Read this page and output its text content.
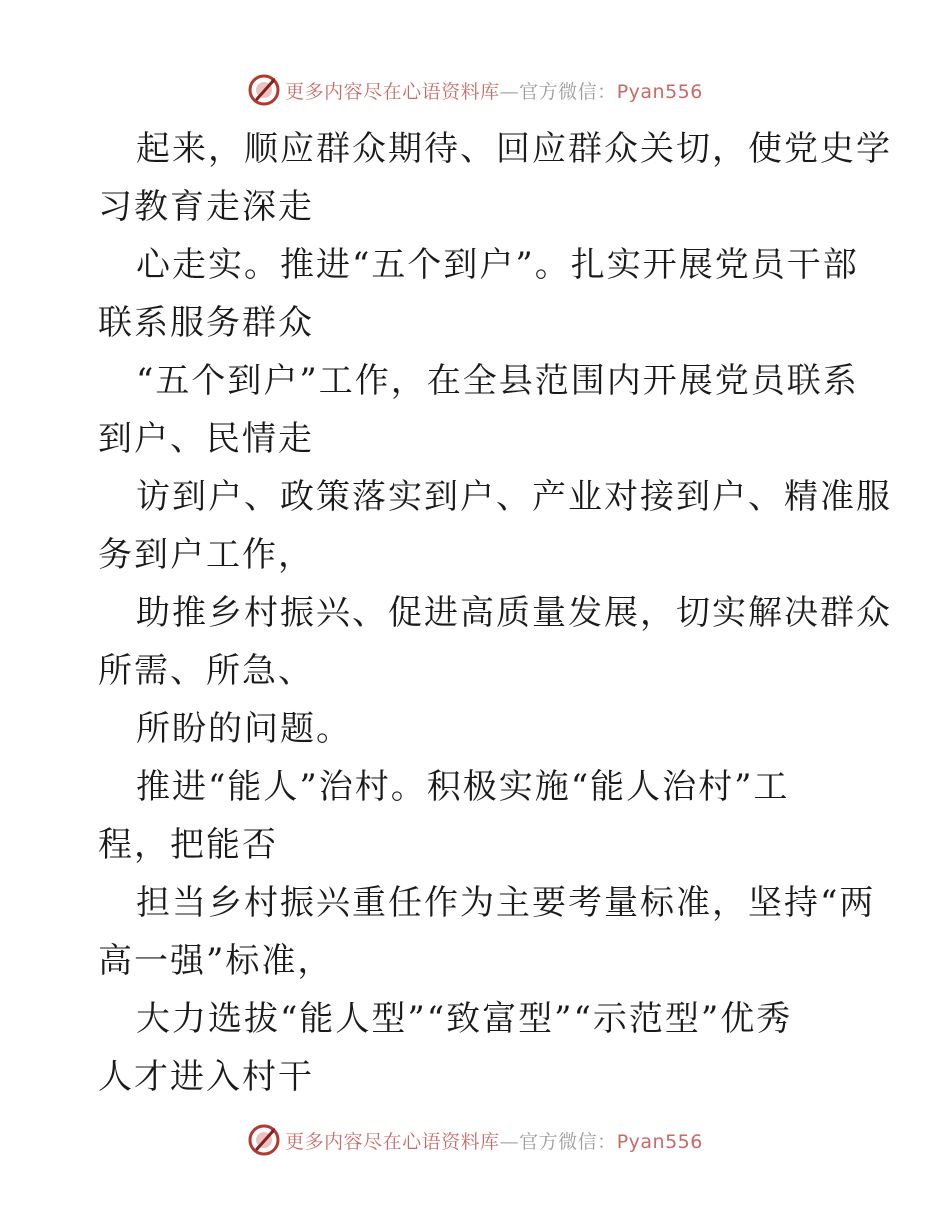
更多内容尽在心语资料库—官方微信：Pyan556
起来，顺应群众期待、回应群众关切，使党史学
习教育走深走
心走实。推进“五个到户”。扎实开展党员干部
联系服务群众
“五个到户”工作，在全县范围内开展党员联系
到户、民情走
访到户、政策落实到户、产业对接到户、精准服
务到户工作，
助推乡村振兴、促进高质量发展，切实解决群众
所需、所急、
所盼的问题。
推进“能人”治村。积极实施“能人治村”工
程，把能否
担当乡村振兴重任作为主要考量标准，坚持“两
高一强”标准，
大力选拔“能人型”“致富型”“示范型”优秀
人才进入村干
更多内容尽在心语资料库—官方微信：Pyan556
